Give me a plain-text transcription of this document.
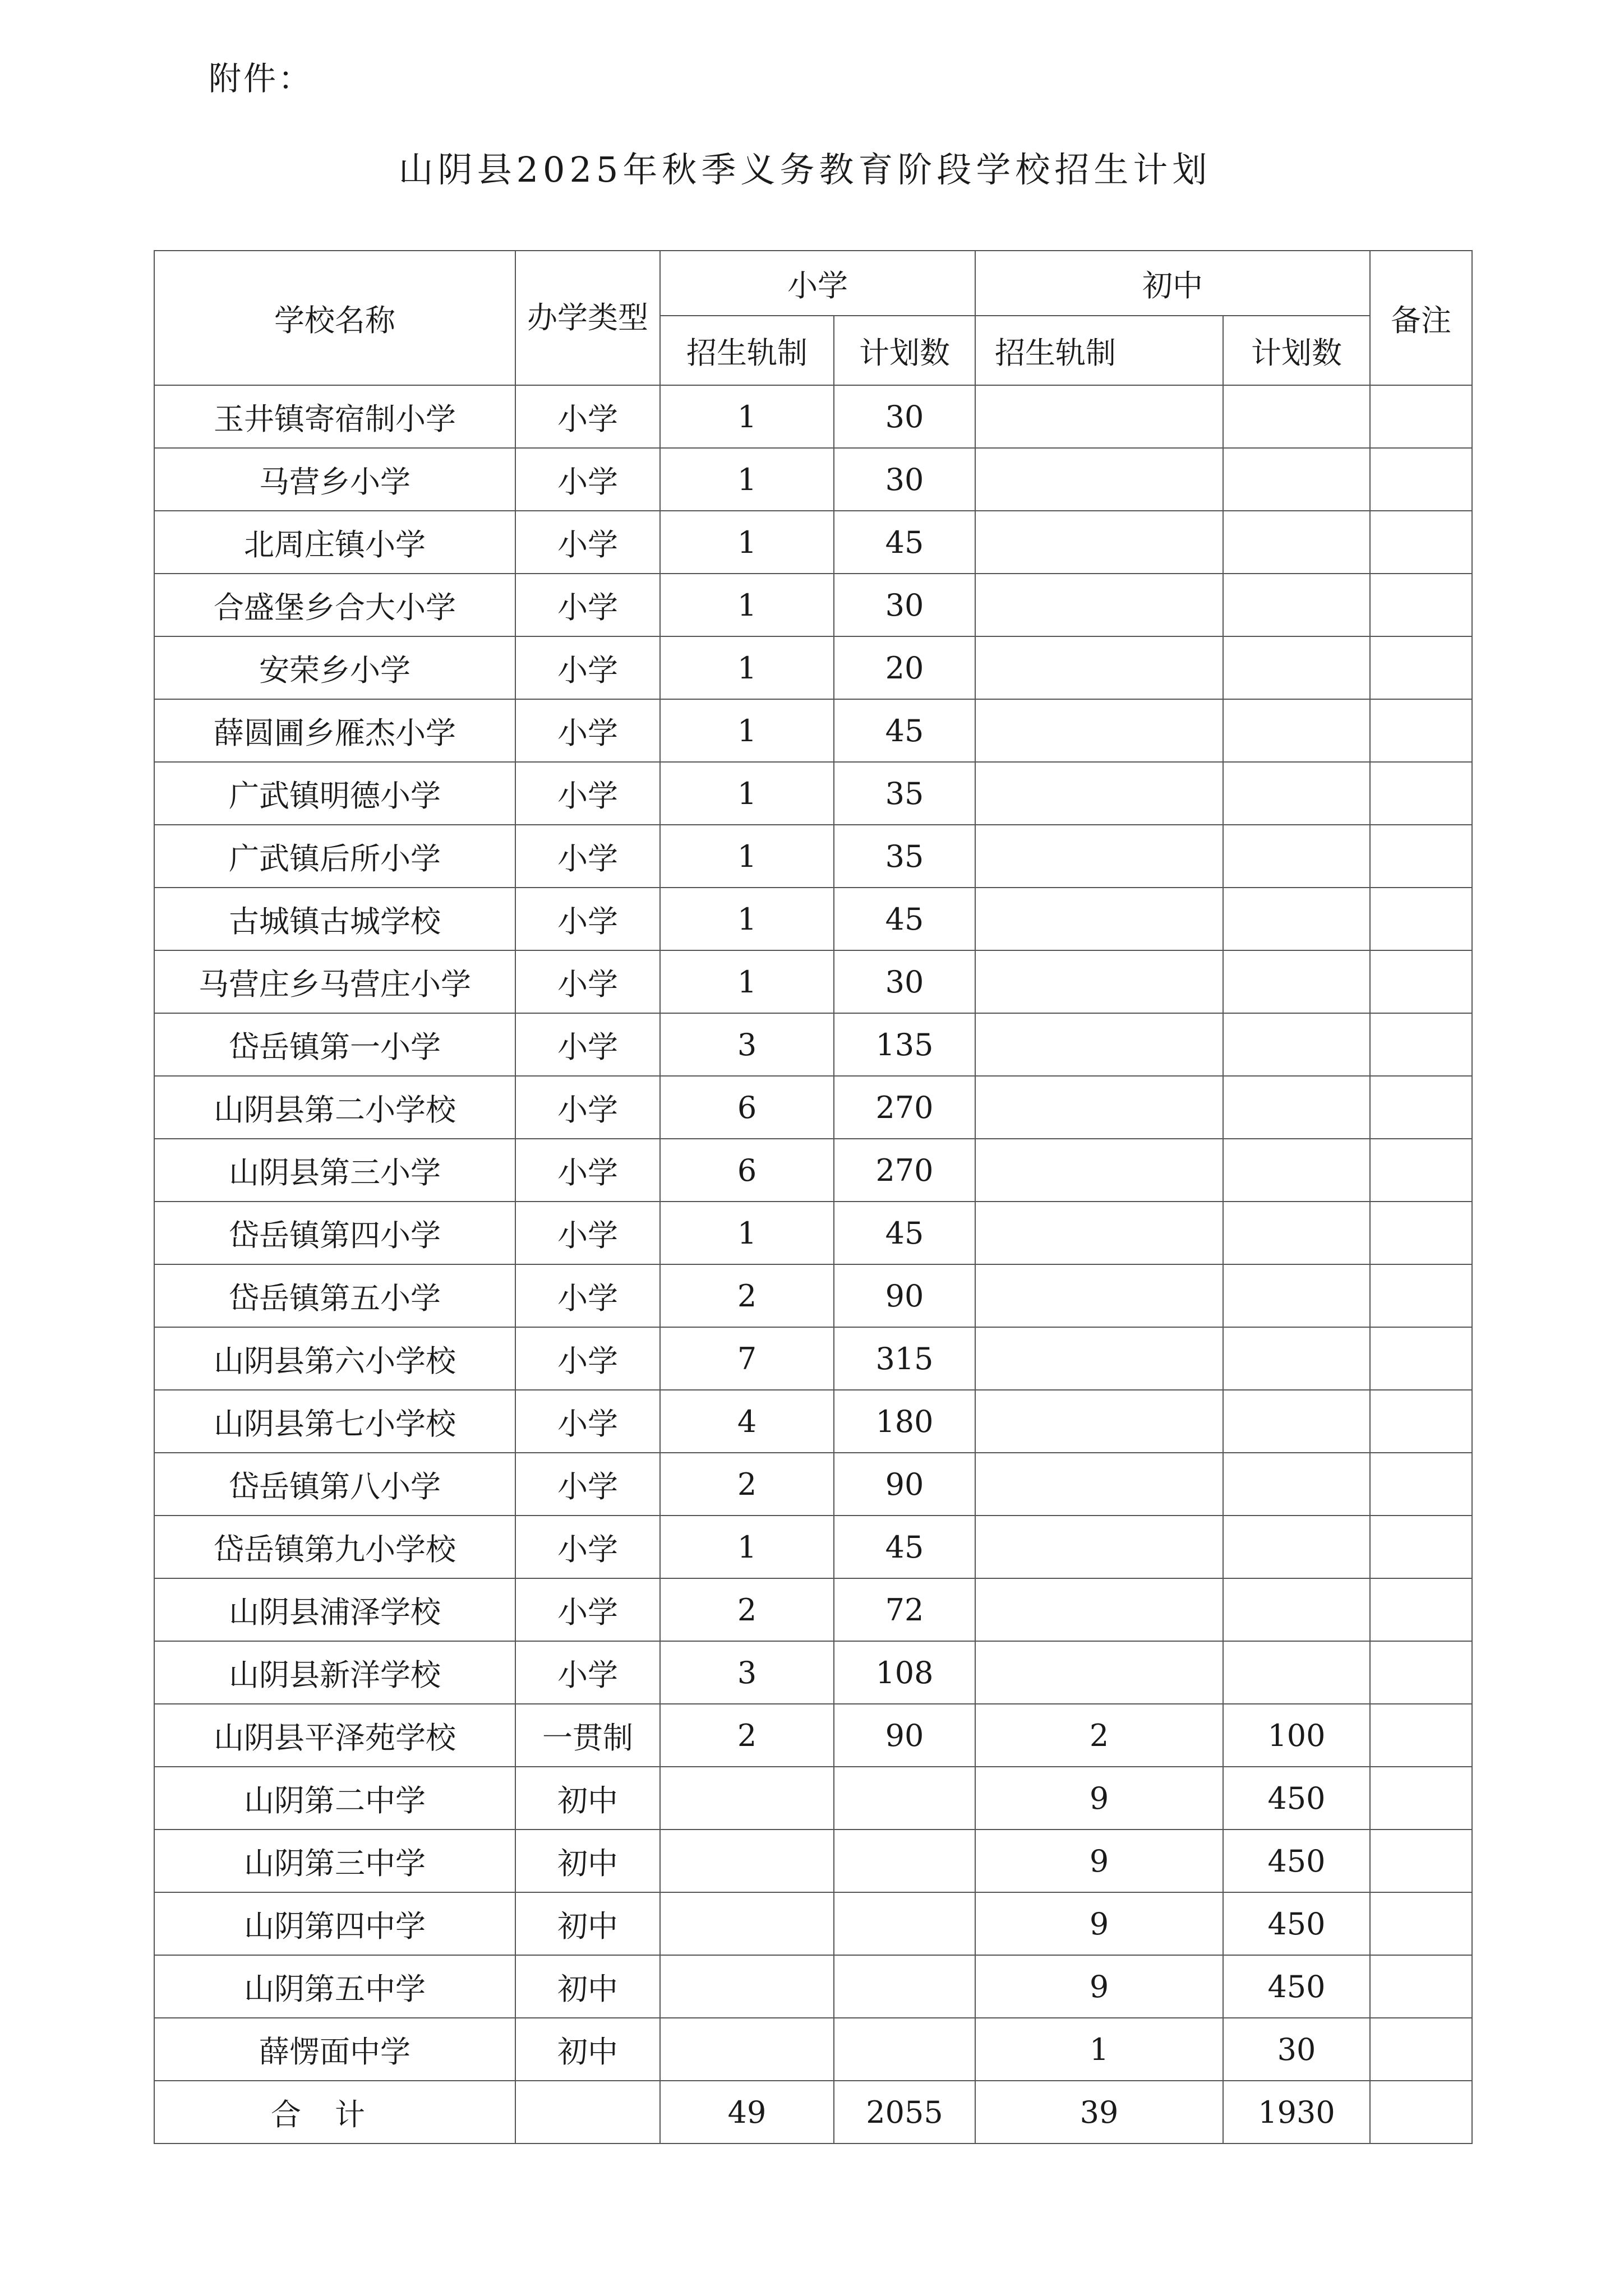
附件：
山阴县2025年秋季义务教育阶段学校招生计划
学校名称	办学类型	小学		初中		备注
		招生轨制	计划数	招生轨制	计划数	
玉井镇寄宿制小学	小学	1	30			
马营乡小学	小学	1	30			
北周庄镇小学	小学	1	45			
合盛堡乡合大小学	小学	1	30			
安荣乡小学	小学	1	20			
薛圆圃乡雁杰小学	小学	1	45			
广武镇明德小学	小学	1	35			
广武镇后所小学	小学	1	35			
古城镇古城学校	小学	1	45			
马营庄乡马营庄小学	小学	1	30			
岱岳镇第一小学	小学	3	135			
山阴县第二小学校	小学	6	270			
山阴县第三小学	小学	6	270			
岱岳镇第四小学	小学	1	45			
岱岳镇第五小学	小学	2	90			
山阴县第六小学校	小学	7	315			
山阴县第七小学校	小学	4	180			
岱岳镇第八小学	小学	2	90			
岱岳镇第九小学校	小学	1	45			
山阴县浦泽学校	小学	2	72			
山阴县新洋学校	小学	3	108			
山阴县平泽苑学校	一贯制	2	90	2	100	
山阴第二中学	初中			9	450	
山阴第三中学	初中			9	450	
山阴第四中学	初中			9	450	
山阴第五中学	初中			9	450	
薛愣面中学	初中			1	30	
合计		49	2055	39	1930	
